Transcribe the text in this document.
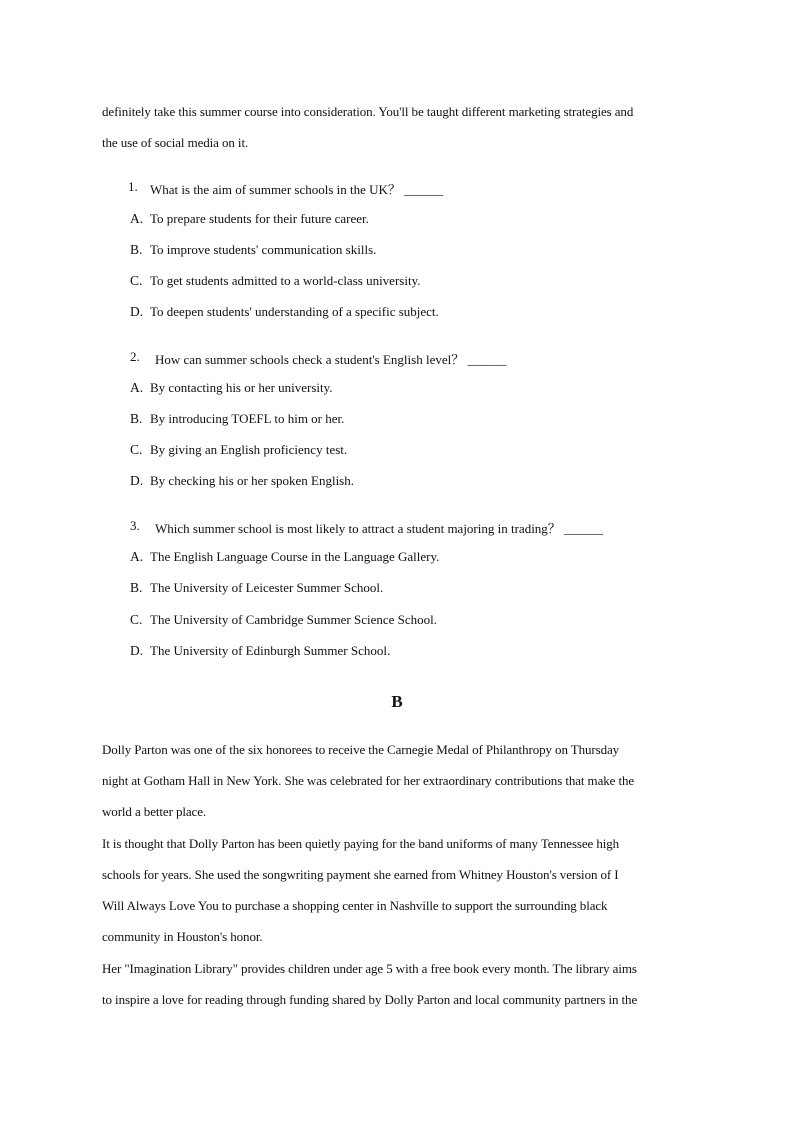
definitely take this summer course into consideration. You'll be taught different marketing strategies and
the use of social media on it.
1. What is the aim of summer schools in the UK？ ______
A. To prepare students for their future career.
B. To improve students' communication skills.
C. To get students admitted to a world-class university.
D. To deepen students' understanding of a specific subject.
2. How can summer schools check a student's English level？ ______
A. By contacting his or her university.
B. By introducing TOEFL to him or her.
C. By giving an English proficiency test.
D. By checking his or her spoken English.
3. Which summer school is most likely to attract a student majoring in trading？ ______
A. The English Language Course in the Language Gallery.
B. The University of Leicester Summer School.
C. The University of Cambridge Summer Science School.
D. The University of Edinburgh Summer School.
B
Dolly Parton was one of the six honorees to receive the Carnegie Medal of Philanthropy on Thursday
night at Gotham Hall in New York. She was celebrated for her extraordinary contributions that make the
world a better place.
It is thought that Dolly Parton has been quietly paying for the band uniforms of many Tennessee high
schools for years. She used the songwriting payment she earned from Whitney Houston's version of I
Will Always Love You to purchase a shopping center in Nashville to support the surrounding black
community in Houston's honor.
Her "Imagination Library" provides children under age 5 with a free book every month. The library aims
to inspire a love for reading through funding shared by Dolly Parton and local community partners in the
